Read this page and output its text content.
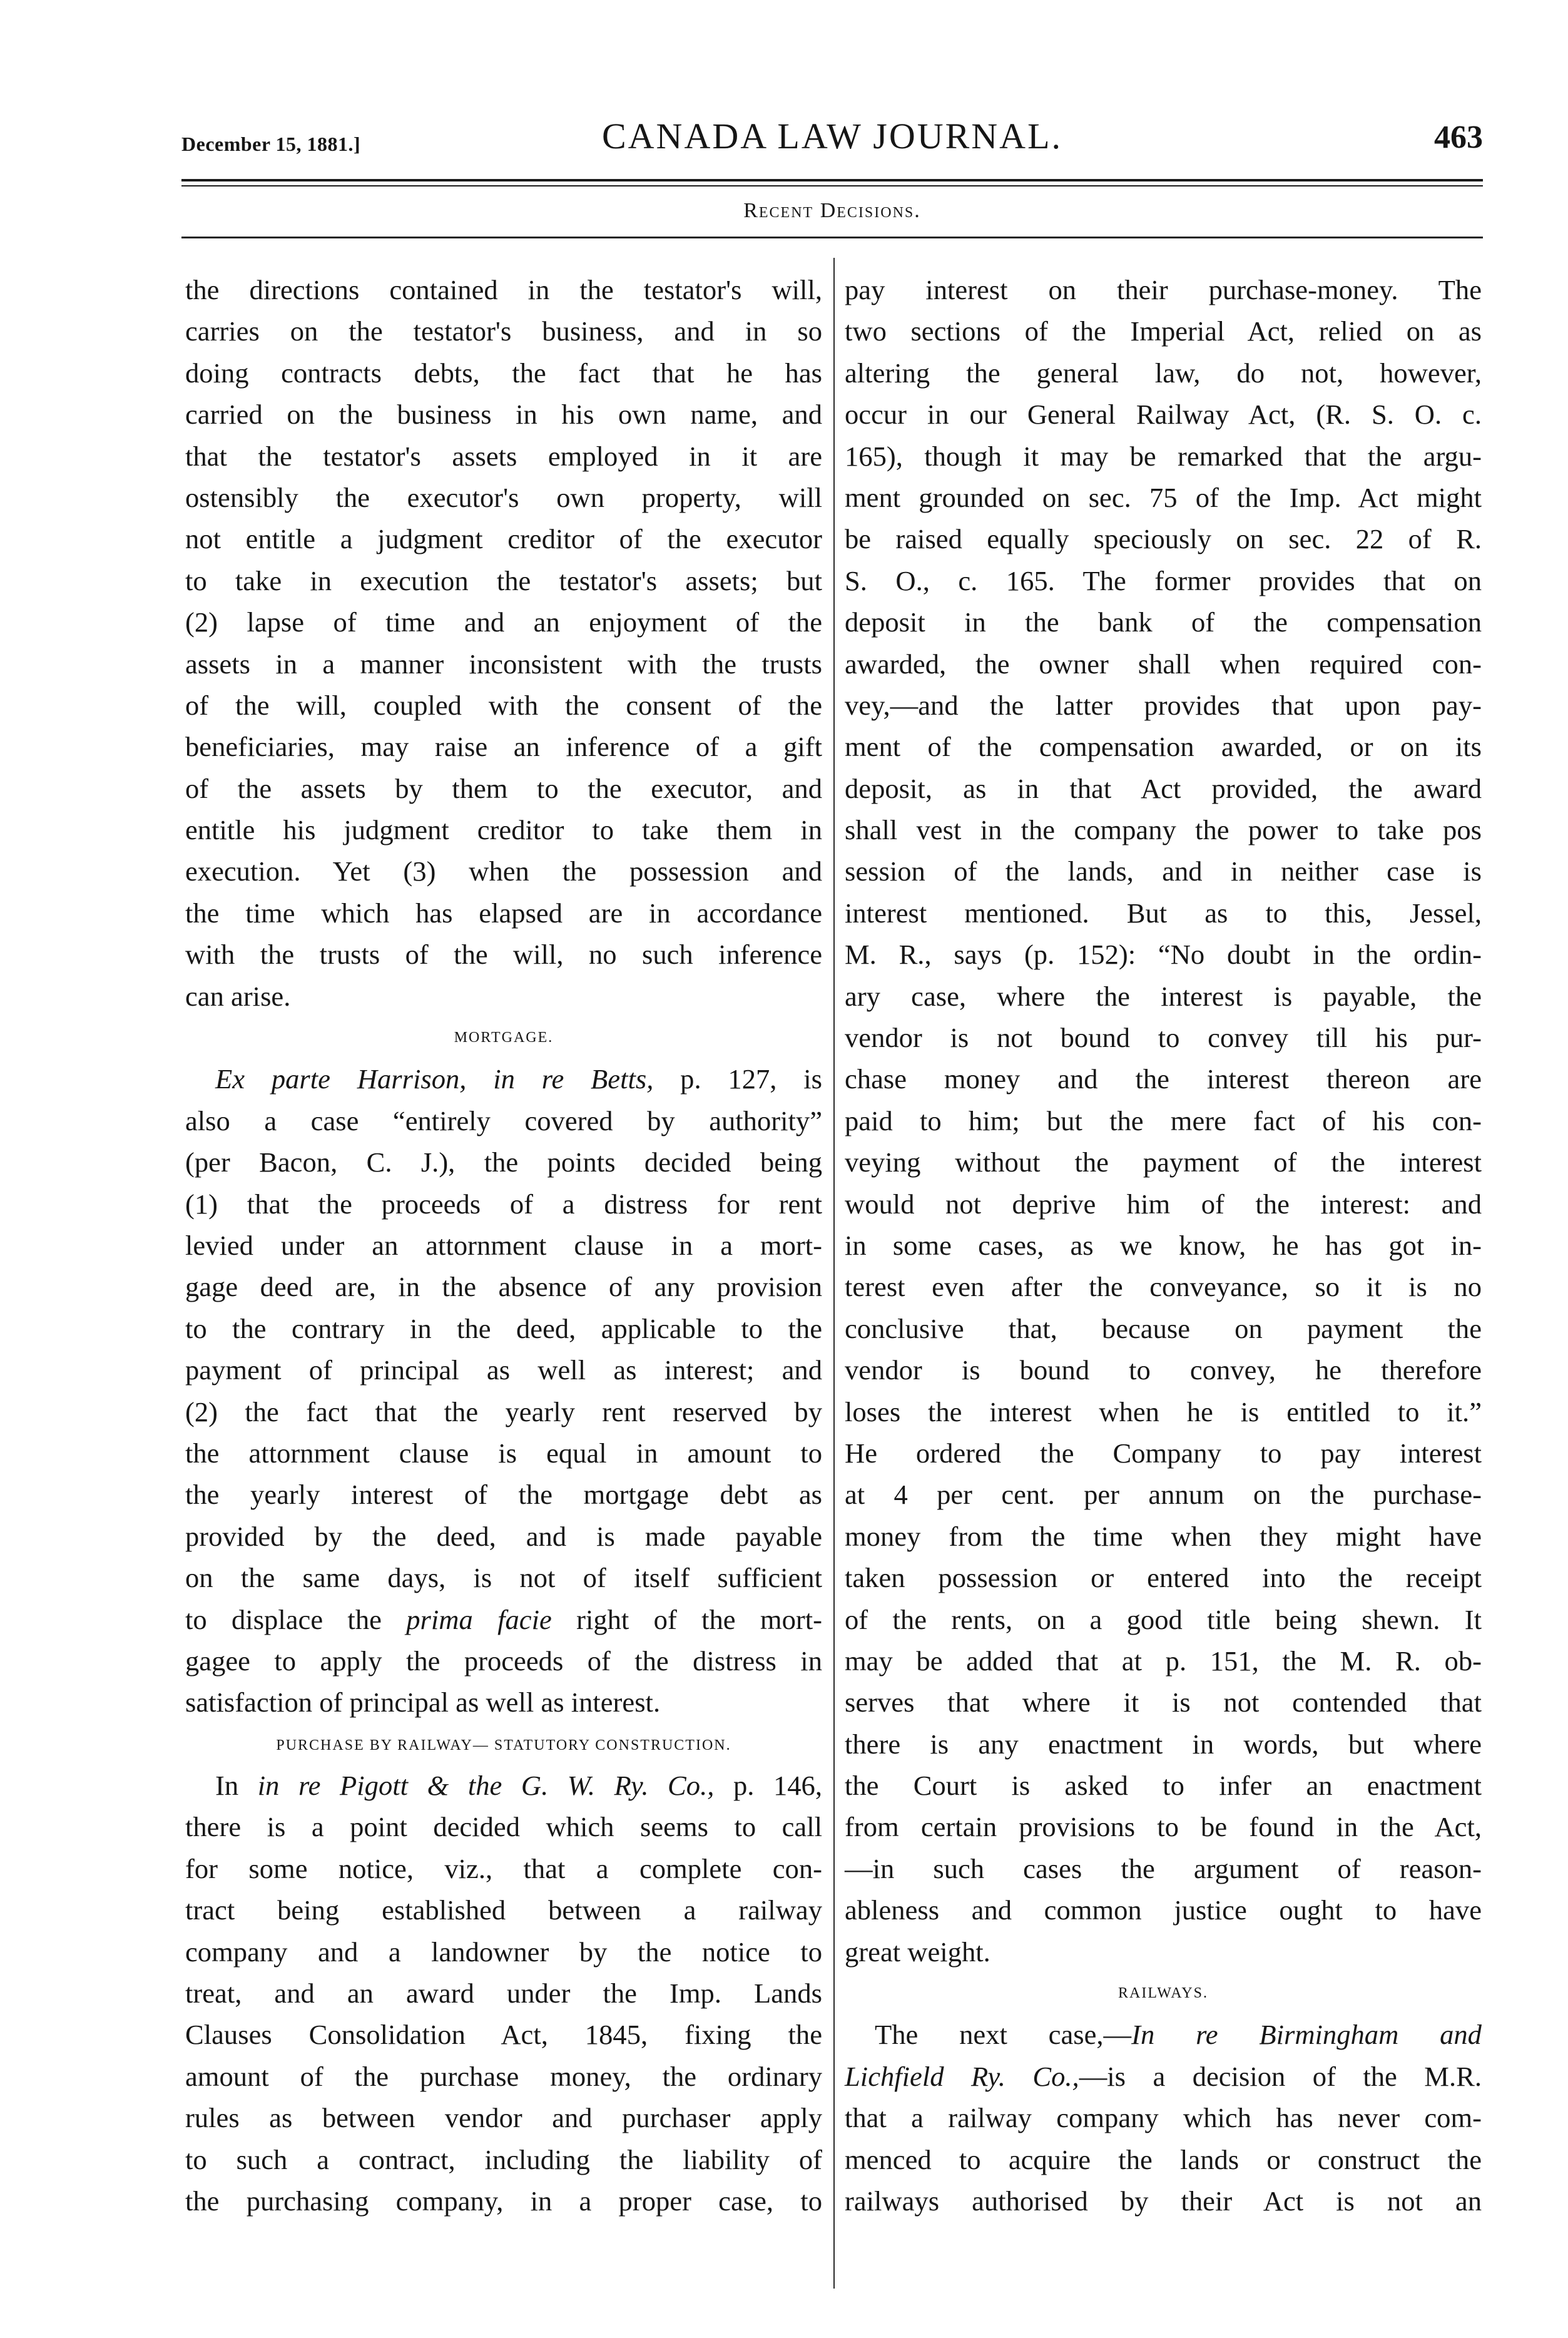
December 15, 1881.]	CANADA LAW JOURNAL.	463
Recent Decisions.
the directions contained in the testator's will,
carries on the testator's business, and in so
doing contracts debts, the fact that he has
carried on the business in his own name, and
that the testator's assets employed in it are
ostensibly the executor's own property, will
not entitle a judgment creditor of the executor
to take in execution the testator's assets; but
(2) lapse of time and an enjoyment of the
assets in a manner inconsistent with the trusts
of the will, coupled with the consent of the
beneficiaries, may raise an inference of a gift
of the assets by them to the executor, and
entitle his judgment creditor to take them in
execution. Yet (3) when the possession and
the time which has elapsed are in accordance
with the trusts of the will, no such inference
can arise.
MORTGAGE.
Ex parte Harrison, in re Betts, p. 127, is
also a case “entirely covered by authority”
(per Bacon, C. J.), the points decided being
(1) that the proceeds of a distress for rent
levied under an attornment clause in a mort-
gage deed are, in the absence of any provision
to the contrary in the deed, applicable to the
payment of principal as well as interest; and
(2) the fact that the yearly rent reserved by
the attornment clause is equal in amount to
the yearly interest of the mortgage debt as
provided by the deed, and is made payable
on the same days, is not of itself sufficient
to displace the prima facie right of the mort-
gagee to apply the proceeds of the distress in
satisfaction of principal as well as interest.
PURCHASE BY RAILWAY— STATUTORY CONSTRUCTION.
In in re Pigott & the G. W. Ry. Co., p. 146,
there is a point decided which seems to call
for some notice, viz., that a complete con-
tract being established between a railway
company and a landowner by the notice to
treat, and an award under the Imp. Lands
Clauses Consolidation Act, 1845, fixing the
amount of the purchase money, the ordinary
rules as between vendor and purchaser apply
to such a contract, including the liability of
the purchasing company, in a proper case, to
pay interest on their purchase-money. The
two sections of the Imperial Act, relied on as
altering the general law, do not, however,
occur in our General Railway Act, (R. S. O. c.
165), though it may be remarked that the argu-
ment grounded on sec. 75 of the Imp. Act might
be raised equally speciously on sec. 22 of R.
S. O., c. 165. The former provides that on
deposit in the bank of the compensation
awarded, the owner shall when required con-
vey,—and the latter provides that upon pay-
ment of the compensation awarded, or on its
deposit, as in that Act provided, the award
shall vest in the company the power to take pos
session of the lands, and in neither case is
interest mentioned. But as to this, Jessel,
M. R., says (p. 152): “No doubt in the ordin-
ary case, where the interest is payable, the
vendor is not bound to convey till his pur-
chase money and the interest thereon are
paid to him; but the mere fact of his con-
veying without the payment of the interest
would not deprive him of the interest: and
in some cases, as we know, he has got in-
terest even after the conveyance, so it is no
conclusive that, because on payment the
vendor is bound to convey, he therefore
loses the interest when he is entitled to it.”
He ordered the Company to pay interest
at 4 per cent. per annum on the purchase-
money from the time when they might have
taken possession or entered into the receipt
of the rents, on a good title being shewn. It
may be added that at p. 151, the M. R. ob-
serves that where it is not contended that
there is any enactment in words, but where
the Court is asked to infer an enactment
from certain provisions to be found in the Act,
—in such cases the argument of reason-
ableness and common justice ought to have
great weight.
RAILWAYS.
The next case,—In re Birmingham and
Lichfield Ry. Co.,—is a decision of the M.R.
that a railway company which has never com-
menced to acquire the lands or construct the
railways authorised by their Act is not an
